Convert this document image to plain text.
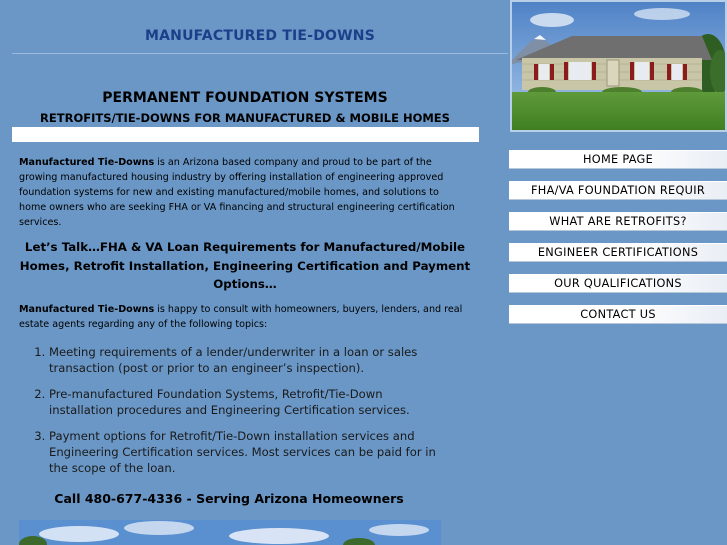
MANUFACTURED TIE-DOWNS
PERMANENT FOUNDATION SYSTEMS
RETROFITS/TIE-DOWNS FOR MANUFACTURED & MOBILE HOMES
Manufactured Tie-Downs is an Arizona based company and proud to be part of the growing manufactured housing industry by offering installation of engineering approved foundation systems for new and existing manufactured/mobile homes, and solutions to home owners who are seeking FHA or VA financing and structural engineering certification services.
Let’s Talk…FHA & VA Loan Requirements for Manufactured/Mobile Homes, Retrofit Installation, Engineering Certification and Payment Options…
Manufactured Tie-Downs is happy to consult with homeowners, buyers, lenders, and real estate agents regarding any of the following topics:
1. Meeting requirements of a lender/underwriter in a loan or sales transaction (post or prior to an engineer’s inspection).
2. Pre-manufactured Foundation Systems, Retrofit/Tie-Down installation procedures and Engineering Certification services.
3. Payment options for Retrofit/Tie-Down installation services and Engineering Certification services. Most services can be paid for in the scope of the loan.
Call 480-677-4336 - Serving Arizona Homeowners
HOME PAGE
FHA/VA FOUNDATION REQUIR
WHAT ARE RETROFITS?
ENGINEER CERTIFICATIONS
OUR QUALIFICATIONS
CONTACT US
